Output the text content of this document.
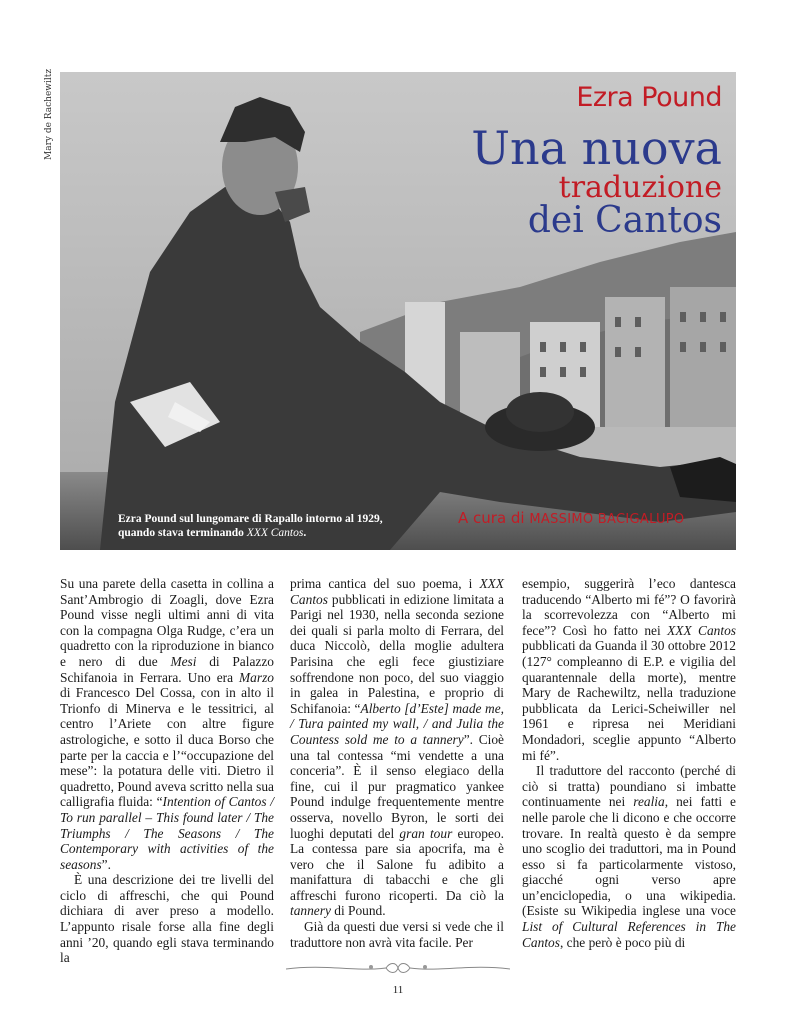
Mary de Rachewiltz	Ezra Pound
Una nuova
traduzione
dei Cantos
Ezra Pound sul lungomare di Rapallo intorno al 1929,
quando stava terminando XXX Cantos.
A cura di MASSIMO BACIGALUPO

Su una parete della casetta in collina a Sant’Ambrogio di Zoagli, dove Ezra Pound visse negli ultimi anni di vita con la compagna Olga Rudge, c’era un quadretto con la riproduzione in bianco e nero di due Mesi di Palazzo Schifanoia in Ferrara. Uno era Marzo di Francesco Del Cossa, con in alto il Trionfo di Minerva e le tessitrici, al centro l’Ariete con altre figure astrologiche, e sotto il duca Borso che parte per la caccia e l’“occupazione del mese”: la potatura delle viti. Dietro il quadretto, Pound aveva scritto nella sua calligrafia fluida: “Intention of Cantos / To run parallel – This found later / The Triumphs / The Seasons / The Contemporary with activities of the seasons”.

È una descrizione dei tre livelli del ciclo di affreschi, che qui Pound dichiara di aver preso a modello. L’appunto risale forse alla fine degli anni ’20, quando egli stava terminando la

prima cantica del suo poema, i XXX Cantos pubblicati in edizione limitata a Parigi nel 1930, nella seconda sezione dei quali si parla molto di Ferrara, del duca Niccolò, della moglie adultera Parisina che egli fece giustiziare soffrendone non poco, del suo viaggio in galea in Palestina, e proprio di Schifanoia: “Alberto [d’Este] made me, / Tura painted my wall, / and Julia the Countess sold me to a tannery”. Cioè una tal contessa “mi vendette a una conceria”. È il senso elegiaco della fine, cui il pur pragmatico yankee Pound indulge frequentemente mentre osserva, novello Byron, le sorti dei luoghi deputati del gran tour europeo. La contessa pare sia apocrifa, ma è vero che il Salone fu adibito a manifattura di tabacchi e che gli affreschi furono ricoperti. Da ciò la tannery di Pound.

Già da questi due versi si vede che il traduttore non avrà vita facile. Per

esempio, suggerirà l’eco dantesca traducendo “Alberto mi fé”? O favorirà la scorrevolezza con “Alberto mi fece”? Così ho fatto nei XXX Cantos pubblicati da Guanda il 30 ottobre 2012 (127° compleanno di E.P. e vigilia del quarantennale della morte), mentre Mary de Rachewiltz, nella traduzione pubblicata da Lerici-Scheiwiller nel 1961 e ripresa nei Meridiani Mondadori, sceglie appunto “Alberto mi fé”.

Il traduttore del racconto (perché di ciò si tratta) poundiano si imbatte continuamente nei realia, nei fatti e nelle parole che li dicono e che occorre trovare. In realtà questo è da sempre uno scoglio dei traduttori, ma in Pound esso si fa particolarmente vistoso, giacché ogni verso apre un’enciclopedia, o una wikipedia. (Esiste su Wikipedia inglese una voce List of Cultural References in The Cantos, che però è poco più di

11
